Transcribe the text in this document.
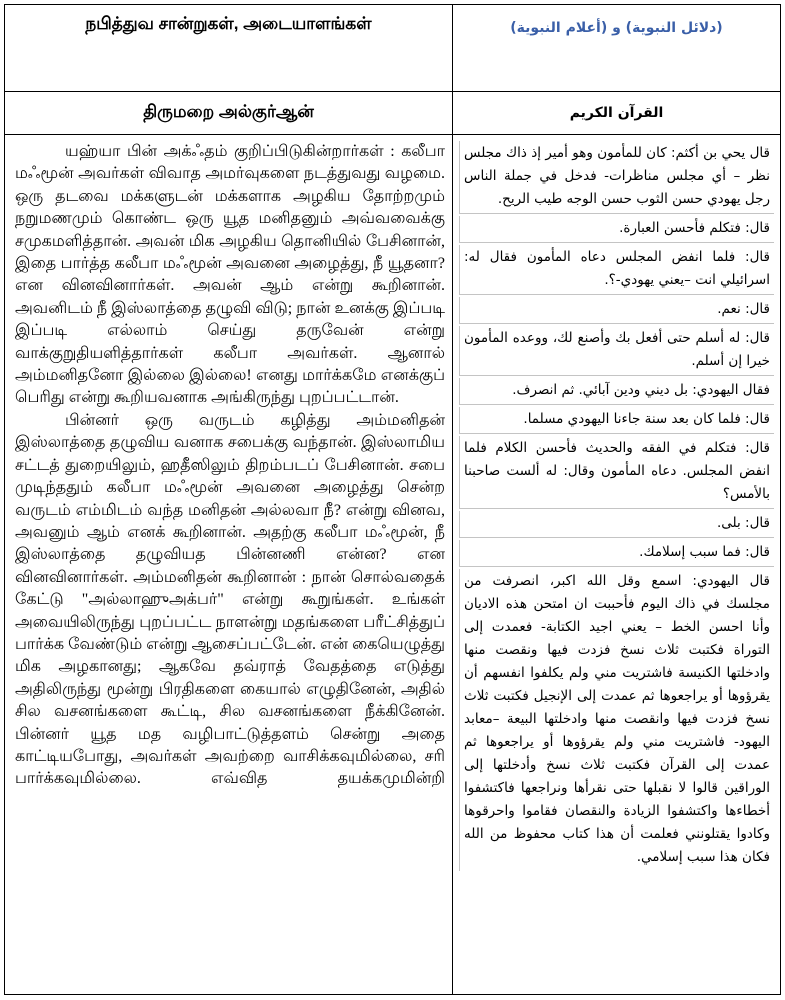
நபித்துவ சான்றுகள், அடையாளங்கள்	(دلائل النبوية) و (أعلام النبوية)
திருமறை அல்குர்ஆன்	القرآن الكريم

யஹ்யா பின் அக்ஃதம் குறிப்பிடுகின்றார்கள் : கலீபா மஃமூன் அவர்கள் விவாத அமர்வுகளை நடத்துவது வழமை. ஒரு தடவை மக்களுடன் மக்களாக அழகிய தோற்றமும் நறுமணமும் கொண்ட ஒரு யூத மனிதனும் அவ்வவைக்கு சமுகமளித்தான். அவன் மிக அழகிய தொனியில் பேசினான், இதை பார்த்த கலீபா மஃமூன் அவனை அழைத்து, நீ யூதனா? என வினவினார்கள். அவன் ஆம் என்று கூறினான். அவனிடம் நீ இஸ்லாத்தை தழுவி விடு; நான் உனக்கு இப்படி இப்படி எல்லாம் செய்து தருவேன் என்று வாக்குறுதியளித்தார்கள் கலீபா அவர்கள். ஆனால் அம்மனிதனோ இல்லை இல்லை! எனது மார்க்கமே எனக்குப் பெரிது என்று கூறியவனாக அங்கிருந்து புறப்பட்டான்.

பின்னர் ஒரு வருடம் கழித்து அம்மனிதன் இஸ்லாத்தை தழுவிய வனாக சபைக்கு வந்தான். இஸ்லாமிய சட்டத் துறையிலும், ஹதீஸிலும் திறம்படப் பேசினான். சபை முடிந்ததும் கலீபா மஃமூன் அவனை அழைத்து சென்ற வருடம் எம்மிடம் வந்த மனிதன் அல்லவா நீ? என்று வினவ, அவனும் ஆம் எனக் கூறினான். அதற்கு கலீபா மஃமூன், நீ இஸ்லாத்தை தழுவியத பின்னணி என்ன? என வினவினார்கள். அம்மனிதன் கூறினான் : நான் சொல்வதைக் கேட்டு "அல்லாஹுஅக்பர்" என்று கூறுங்கள். உங்கள் அவையிலிருந்து புறப்பட்ட நாளன்று மதங்களை பரீட்சித்துப் பார்க்க வேண்டும் என்று ஆசைப்பட்டேன். என் கையெழுத்து மிக அழகானது; ஆகவே தவ்ராத் வேதத்தை எடுத்து அதிலிருந்து மூன்று பிரதிகளை கையால் எழுதினேன், அதில் சில வசனங்களை கூட்டி, சில வசனங்களை நீக்கினேன். பின்னர் யூத மத வழிபாட்டுத்தளம் சென்று அதை காட்டியபோது, அவர்கள் அவற்றை வாசிக்கவுமில்லை, சரி பார்க்கவுமில்லை. எவ்வித தயக்கமுமின்றி

قال يحي بن أكثم: كان للمأمون وهو أمير إذ ذاك مجلس نظر – أي مجلس مناظرات- فدخل في جملة الناس رجل يهودي حسن الثوب حسن الوجه طيب الريح.

قال: فتكلم فأحسن العبارة.

قال: فلما انفض المجلس دعاه المأمون فقال له: اسرائيلي انت –يعني يهودي-؟.

قال: نعم.

قال: له أسلم حتى أفعل بك وأصنع لك، ووعده المأمون خيرا إن أسلم.

فقال اليهودي: بل ديني ودين آبائي. ثم انصرف.

قال: فلما كان بعد سنة جاءنا اليهودي مسلما.

قال: فتكلم في الفقه والحديث فأحسن الكلام فلما انفض المجلس. دعاه المأمون وقال: له ألست صاحبنا بالأمس؟

قال: بلى.

قال: فما سبب إسلامك.

قال اليهودي: اسمع وقل الله اكبر، انصرفت من مجلسك في ذاك اليوم فأحببت ان امتحن هذه الاديان وأنا احسن الخط – يعني اجيد الكتابة- فعمدت إلى التوراة فكتبت ثلاث نسخ فزدت فيها ونقصت منها وادخلتها الكنيسة فاشتريت مني ولم يكلفوا انفسهم أن يقرؤوها أو يراجعوها ثم عمدت إلى الإنجيل فكتبت ثلاث نسخ فزدت فيها وانقصت منها وادخلتها البيعة –معابد اليهود- فاشتريت مني ولم يقرؤوها أو يراجعوها ثم عمدت إلى القرآن فكتبت ثلاث نسخ وأدخلتها إلى الوراقين قالوا لا نقبلها حتى نقرأها ونراجعها فاكتشفوا أخطاءها واكتشفوا الزيادة والنقصان فقاموا واحرقوها وكادوا يقتلونني فعلمت أن هذا كتاب محفوظ من الله فكان هذا سبب إسلامي.
